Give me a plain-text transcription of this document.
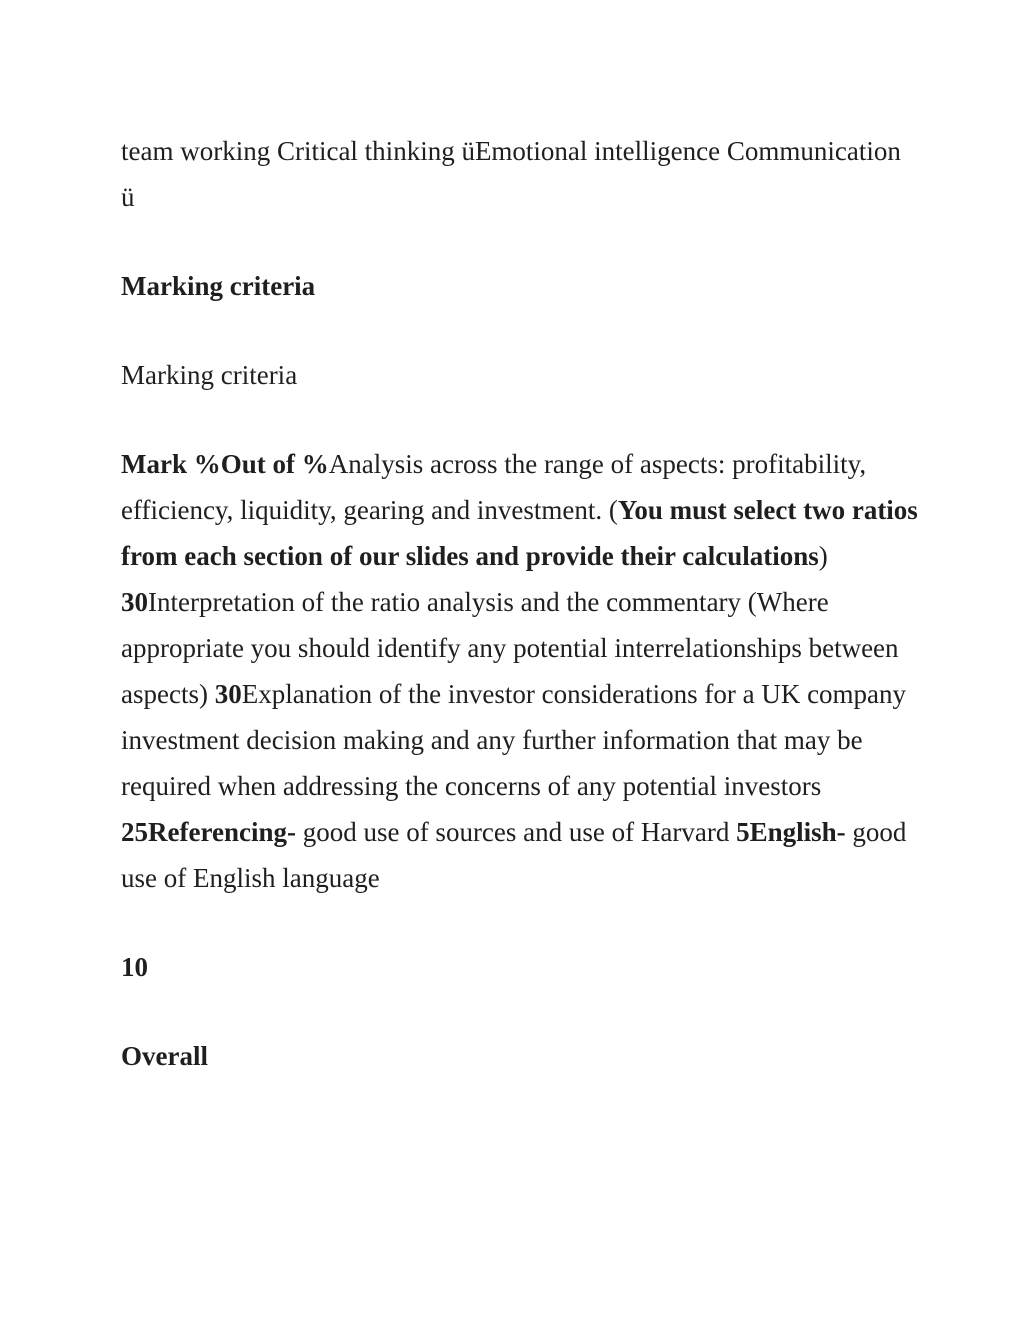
team working Critical thinking üEmotional intelligence Communication ü

Marking criteria

Marking criteria

Mark %Out of %Analysis across the range of aspects: profitability, efficiency, liquidity, gearing and investment. (You must select two ratios from each section of our slides and provide their calculations) 30Interpretation of the ratio analysis and the commentary (Where appropriate you should identify any potential interrelationships between aspects) 30Explanation of the investor considerations for a UK company investment decision making and any further information that may be required when addressing the concerns of any potential investors 25Referencing- good use of sources and use of Harvard 5English- good use of English language

10

Overall
